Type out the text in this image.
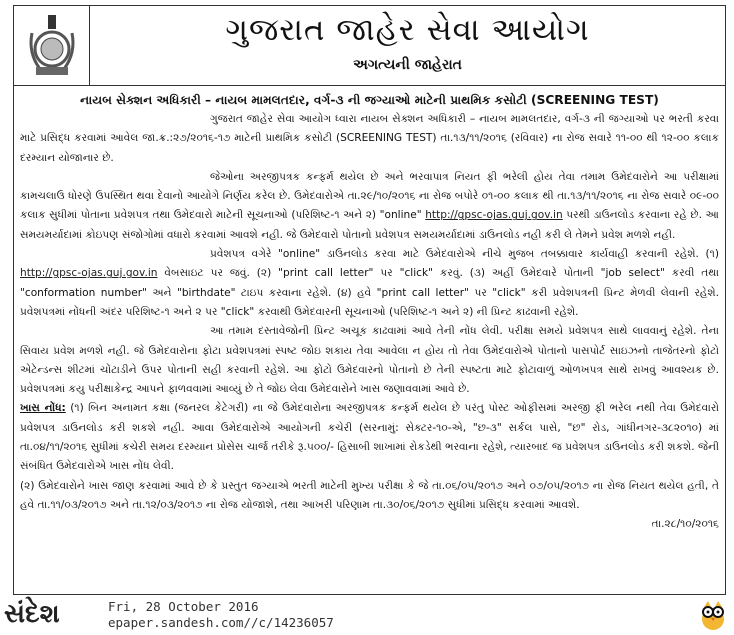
ગુજરાત જાહેર સેવા આયોગ
અગત્યની જાહેરાત
નાયબ સેક્શન અધિકારી – નાયબ મામલતદાર, વર્ગ-૩ ની જગ્યાઓ માટેની પ્રાથમિક કસોટી (SCREENING TEST)

ગુજરાત જાહેર સેવા આયોગ ધ્વારા નાયબ સેક્શન અધિકારી – નાયબ મામલતદાર, વર્ગ-૩ ની જગ્યાઓ પર ભરતી કરવા માટે પ્રસિદ્ધ કરવામાં આવેલ જા.ક્ર.:૨૭/૨૦૧૬-૧૭ માટેની પ્રાથમિક કસોટી (SCREENING TEST) તા.૧૩/૧૧/૨૦૧૬ (રવિવાર) ના રોજ સવારે ૧૧-૦૦ થી ૧૨-૦૦ કલાક દરમ્યાન યોજાનાર છે.

જેઓના અરજીપત્રક કન્ફર્મ થયેલ છે અને ભરવાપાત્ર નિયત ફી ભરેલી હોય તેવા તમામ ઉમેદવારોને આ પરીક્ષામાં કામચલાઉ ધોરણે ઉપસ્થિત થવા દેવાનો આયોગે નિર્ણય કરેલ છે. ઉમેદવારોએ તા.૨૯/૧૦/૨૦૧૬ ના રોજ બપોરે ૦૧-૦૦ કલાક થી તા.૧૩/૧૧/૨૦૧૬ ના રોજ સવારે ૦૯-૦૦ કલાક સુધીમાં પોતાના પ્રવેશપત્ર તથા ઉમેદવારો માટેની સૂચનાઓ (પરિશિષ્ટ-૧ અને ૨) "online" http://gpsc-ojas.guj.gov.in પરથી ડાઉનલોડ કરવાના રહે છે. આ સમયમર્યાદામાં કોઇપણ સંજોગોમાં વધારો કરવામાં આવશે નહી. જે ઉમેદવારો પોતાનો પ્રવેશપત્ર સમયમર્યાદામાં ડાઉનલોડ નહી કરી લે તેમને પ્રવેશ મળશે નહી.

પ્રવેશપત્ર વગેરે "online" ડાઉનલોડ કરવા માટે ઉમેદવારોએ નીચે મુજબ તબક્કાવાર કાર્યવાહી કરવાની રહેશે. (૧) http://gpsc-ojas.guj.gov.in વેબસાઇટ પર જવું. (૨) "print call letter" પર "click" કરવું. (૩) અહીં ઉમેદવારે પોતાની "job select" કરવી તથા "conformation number" અને "birthdate" ટાઇપ કરવાના રહેશે. (૪) હવે "print call letter" પર "click" કરી પ્રવેશપત્રની પ્રિન્ટ મેળવી લેવાની રહેશે. પ્રવેશપત્રમાં નોંધની અંદર પરિશિષ્ટ-૧ અને ૨ પર "click" કરવાથી ઉમેદવારની સૂચનાઓ (પરિશિષ્ટ-૧ અને ૨) ની પ્રિન્ટ કાઢવાની રહેશે.

આ તમામ દસ્તાવેજોની પ્રિન્ટ અચૂક કાઢવામાં આવે તેની નોંધ લેવી. પરીક્ષા સમયે પ્રવેશપત્ર સાથે લાવવાનું રહેશે. તેના સિવાય પ્રવેશ મળશે નહી. જે ઉમેદવારોના ફોટા પ્રવેશપત્રમાં સ્પષ્ટ જોઇ શકાય તેવા આવેલા ન હોય તો તેવા ઉમેદવારોએ પોતાનો પાસપોર્ટ સાઇઝનો તાજેતરનો ફોટો એટેન્ડન્સ શીટમાં ચોંટાડીને ઉપર પોતાની સહી કરવાની રહેશે. આ ફોટો ઉમેદવારનો પોતાનો છે તેની સ્પષ્ટતા માટે ફોટાવાળું ઓળખપત્ર સાથે રાખવું આવશ્યક છે. પ્રવેશપત્રમાં કયુ પરીક્ષાકેન્દ્ર આપને ફાળવવામાં આવ્યું છે તે જોઇ લેવા ઉમેદવારોને ખાસ જણાવવામાં આવે છે.

ખાસ નોંધ: (૧) બિન અનામત કક્ષા (જનરલ કેટેગરી) ના જે ઉમેદવારોના અરજીપત્રક કન્ફર્મ થયેલ છે પરંતુ પોસ્ટ ઓફીસમાં અરજી ફી ભરેલ નથી તેવા ઉમેદવારો પ્રવેશપત્ર ડાઉનલોડ કરી શકશે નહી. આવા ઉમેદવારોએ આયોગની કચેરી (સરનામું: સેક્ટર-૧૦-એ, "છ-૩" સર્કલ પાસે, "છ" રોડ, ગાંધીનગર-૩૮૨૦૧૦) માં તા.૦૪/૧૧/૨૦૧૬ સુધીમાં કચેરી સમય દરમ્યાન પ્રોસેસ ચાર્જ તરીકે રૂ.૫૦૦/- હિસાબી શાખામાં રોકડેથી ભરવાના રહેશે, ત્યારબાદ જ પ્રવેશપત્ર ડાઉનલોડ કરી શકશે. જેની સંબંધિત ઉમેદવારોએ ખાસ નોંધ લેવી.

(૨) ઉમેદવારોને ખાસ જાણ કરવામાં આવે છે કે પ્રસ્તુત જગ્યાએ ભરતી માટેની મુખ્ય પરીક્ષા કે જે તા.૦૬/૦૫/૨૦૧૭ અને ૦૭/૦૫/૨૦૧૭ ના રોજ નિયત થયેલ હતી, તે હવે તા.૧૧/૦૩/૨૦૧૭ અને તા.૧૨/૦૩/૨૦૧૭ ના રોજ યોજાશે, તથા આખરી પરિણામ તા.૩૦/૦૬/૨૦૧૭ સુધીમાં પ્રસિદ્ધ કરવામાં આવશે.

તા.૨૮/૧૦/૨૦૧૬

સંદેશ	Fri, 28 October 2016
epaper.sandesh.com//c/14236057
